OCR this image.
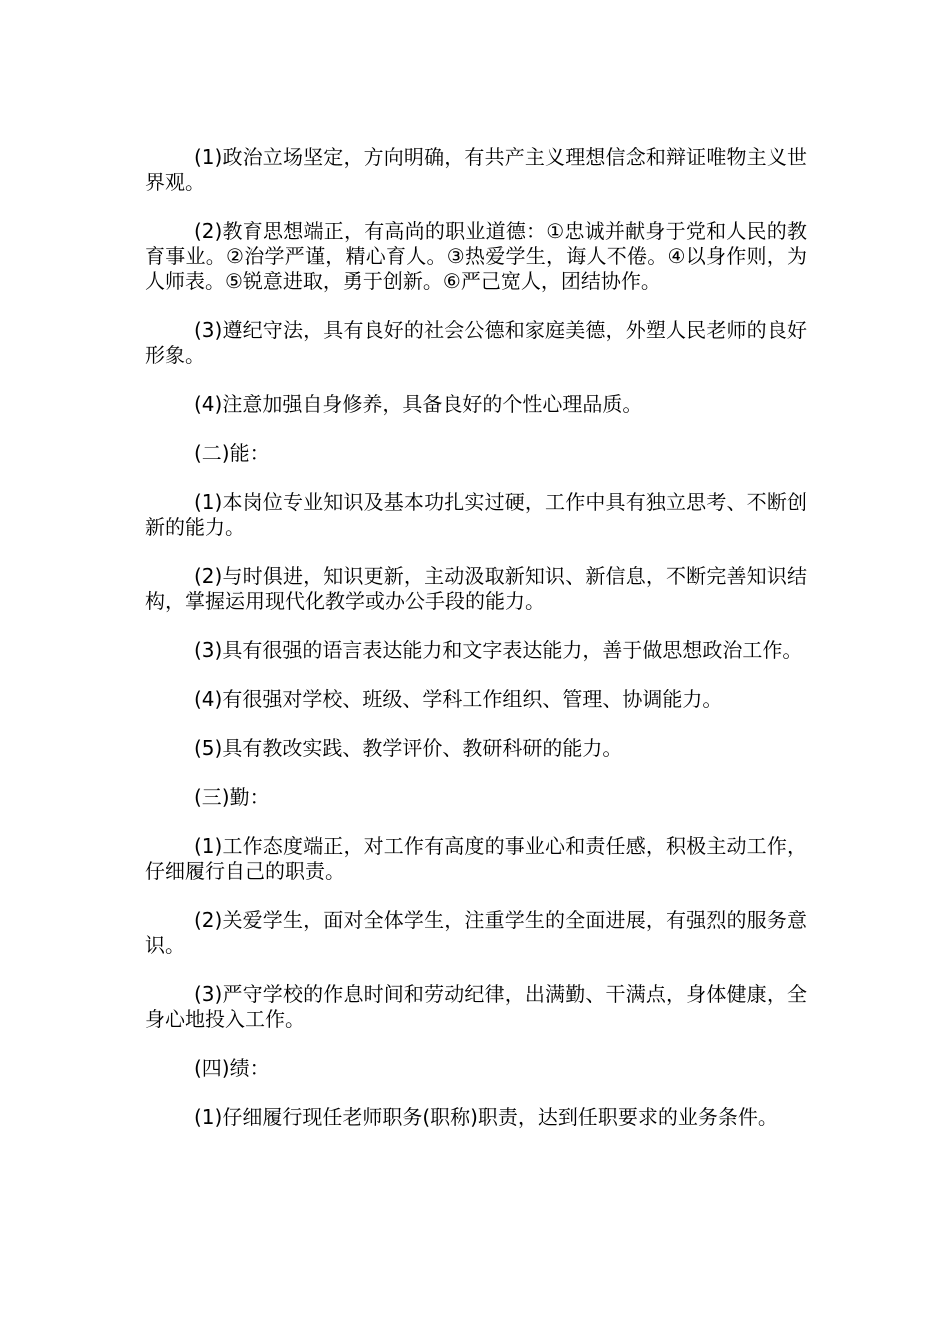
(1)政治立场坚定，方向明确，有共产主义理想信念和辩证唯物主义世界观。

(2)教育思想端正，有高尚的职业道德：①忠诚并献身于党和人民的教育事业。②治学严谨，精心育人。③热爱学生，诲人不倦。④以身作则，为人师表。⑤锐意进取，勇于创新。⑥严己宽人，团结协作。

(3)遵纪守法，具有良好的社会公德和家庭美德，外塑人民老师的良好形象。

(4)注意加强自身修养，具备良好的个性心理品质。

(二)能：

(1)本岗位专业知识及基本功扎实过硬，工作中具有独立思考、不断创新的能力。

(2)与时俱进，知识更新，主动汲取新知识、新信息，不断完善知识结构，掌握运用现代化教学或办公手段的能力。

(3)具有很强的语言表达能力和文字表达能力，善于做思想政治工作。

(4)有很强对学校、班级、学科工作组织、管理、协调能力。

(5)具有教改实践、教学评价、教研科研的能力。

(三)勤：

(1)工作态度端正，对工作有高度的事业心和责任感，积极主动工作，仔细履行自己的职责。

(2)关爱学生，面对全体学生，注重学生的全面进展，有强烈的服务意识。

(3)严守学校的作息时间和劳动纪律，出满勤、干满点，身体健康，全身心地投入工作。

(四)绩：

(1)仔细履行现任老师职务(职称)职责，达到任职要求的业务条件。
